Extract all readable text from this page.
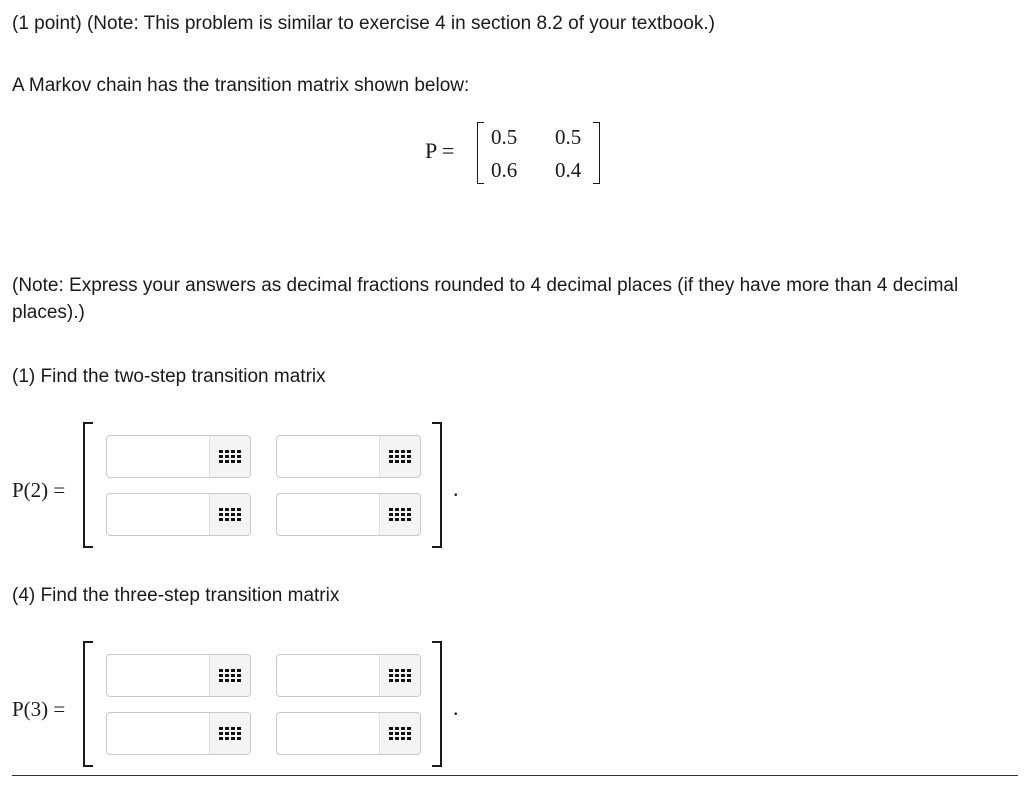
(1 point) (Note: This problem is similar to exercise 4 in section 8.2 of your textbook.)

A Markov chain has the transition matrix shown below:

P =
0.5 0.5
0.6 0.4

(Note: Express your answers as decimal fractions rounded to 4 decimal places (if they have more than 4 decimal places).)

(1) Find the two-step transition matrix

P(2) =	.

(4) Find the three-step transition matrix

P(3) =	.
